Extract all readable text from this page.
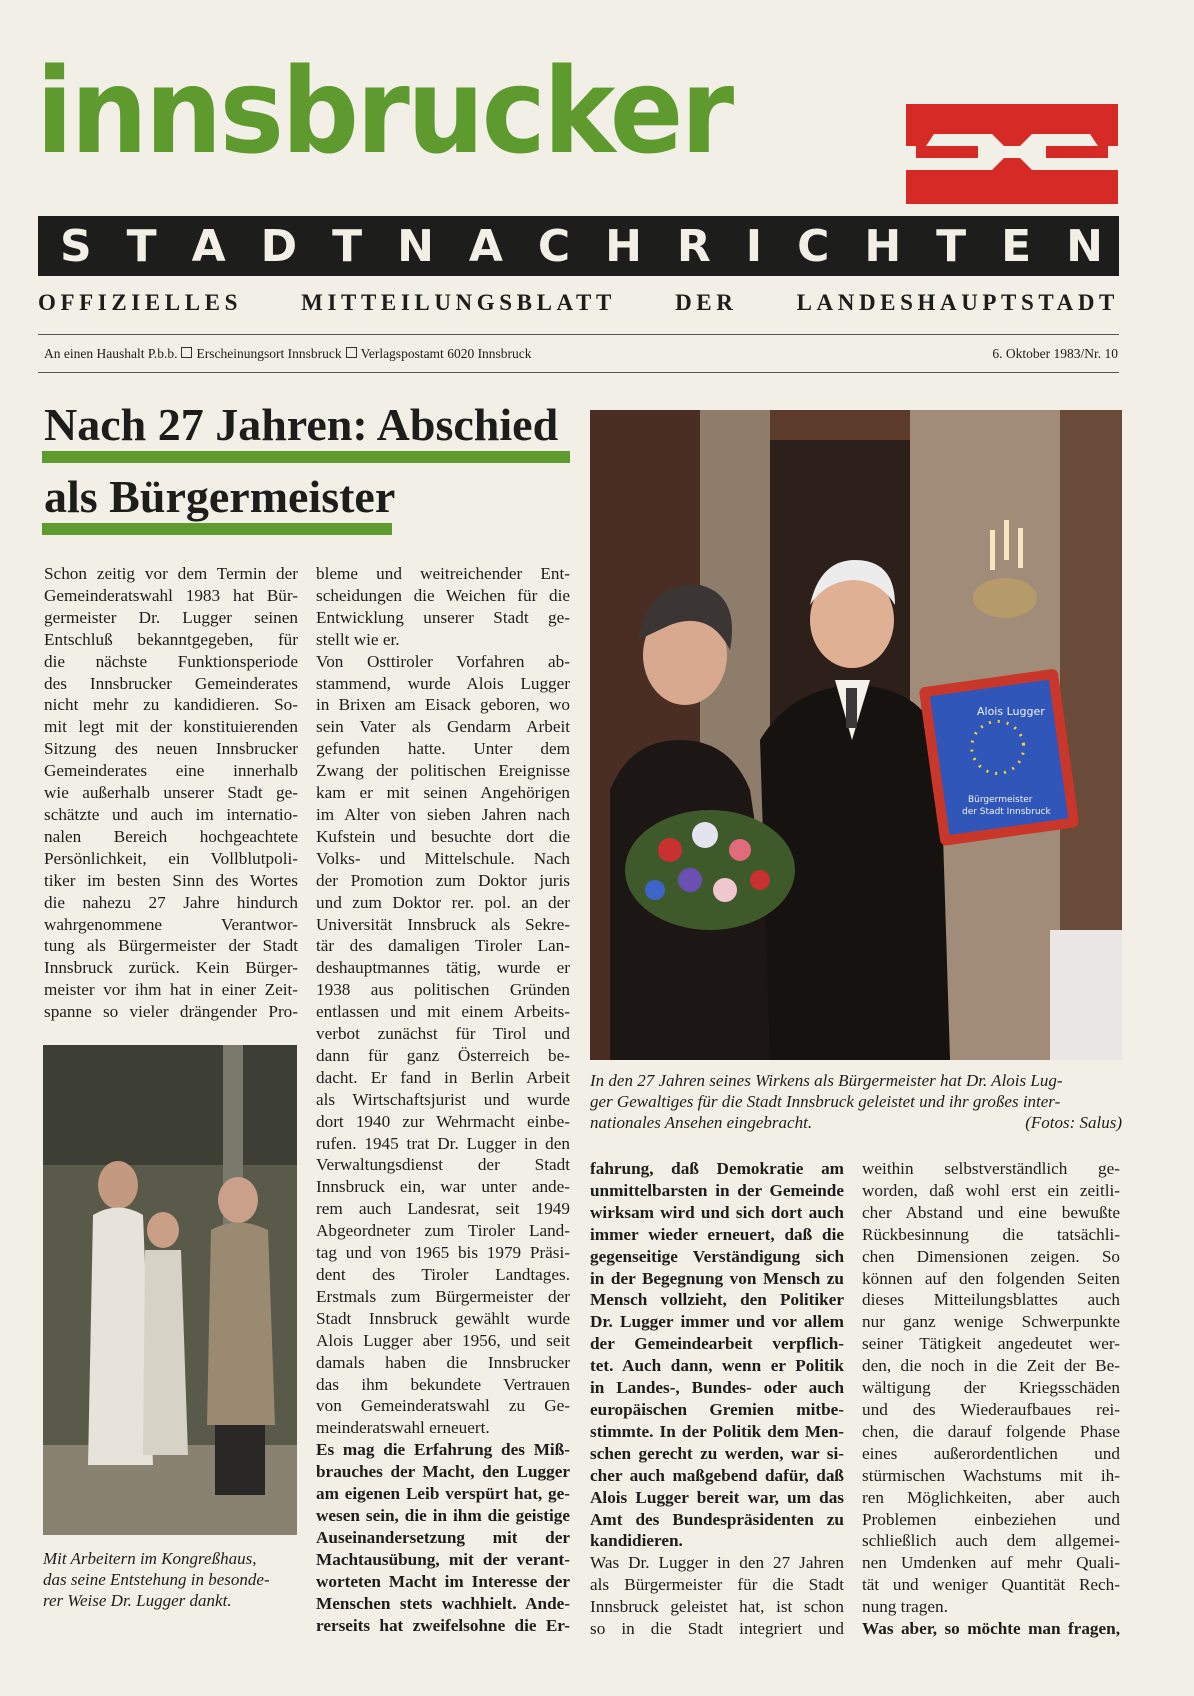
innsbrucker
S T A D T N A C H R I C H T E N
OFFIZIELLES	MITTEILUNGSBLATT	DER	LANDESHAUPTSTADT
An einen Haushalt P.b.b. Erscheinungsort Innsbruck Verlagspostamt 6020 Innsbruck	6. Oktober 1983/Nr. 10
Nach 27 Jahren: Abschied
als Bürgermeister
Alois Lugger
Bürgermeister
der Stadt Innsbruck
In den 27 Jahren seines Wirkens als Bürgermeister hat Dr. Alois Lug-
ger Gewaltiges für die Stadt Innsbruck geleistet und ihr großes inter-
nationales Ansehen eingebracht.	(Fotos: Salus)
Mit Arbeitern im Kongreßhaus,
das seine Entstehung in besonde-
rer Weise Dr. Lugger dankt.

Schon zeitig vor dem Termin der

Gemeinderatswahl 1983 hat Bür-

germeister Dr. Lugger seinen

Entschluß bekanntgegeben, für

die nächste Funktionsperiode

des Innsbrucker Gemeinderates

nicht mehr zu kandidieren. So-

mit legt mit der konstituierenden

Sitzung des neuen Innsbrucker

Gemeinderates eine innerhalb

wie außerhalb unserer Stadt ge-

schätzte und auch im internatio-

nalen Bereich hochgeachtete

Persönlichkeit, ein Vollblutpoli-

tiker im besten Sinn des Wortes

die nahezu 27 Jahre hindurch

wahrgenommene Verantwor-

tung als Bürgermeister der Stadt

Innsbruck zurück. Kein Bürger-

meister vor ihm hat in einer Zeit-

spanne so vieler drängender Pro-

bleme und weitreichender Ent-

scheidungen die Weichen für die

Entwicklung unserer Stadt ge-

stellt wie er.

Von Osttiroler Vorfahren ab-

stammend, wurde Alois Lugger

in Brixen am Eisack geboren, wo

sein Vater als Gendarm Arbeit

gefunden hatte. Unter dem

Zwang der politischen Ereignisse

kam er mit seinen Angehörigen

im Alter von sieben Jahren nach

Kufstein und besuchte dort die

Volks- und Mittelschule. Nach

der Promotion zum Doktor juris

und zum Doktor rer. pol. an der

Universität Innsbruck als Sekre-

tär des damaligen Tiroler Lan-

deshauptmannes tätig, wurde er

1938 aus politischen Gründen

entlassen und mit einem Arbeits-

verbot zunächst für Tirol und

dann für ganz Österreich be-

dacht. Er fand in Berlin Arbeit

als Wirtschaftsjurist und wurde

dort 1940 zur Wehrmacht einbe-

rufen. 1945 trat Dr. Lugger in den

Verwaltungsdienst der Stadt

Innsbruck ein, war unter ande-

rem auch Landesrat, seit 1949

Abgeordneter zum Tiroler Land-

tag und von 1965 bis 1979 Präsi-

dent des Tiroler Landtages.

Erstmals zum Bürgermeister der

Stadt Innsbruck gewählt wurde

Alois Lugger aber 1956, und seit

damals haben die Innsbrucker

das ihm bekundete Vertrauen

von Gemeinderatswahl zu Ge-

meinderatswahl erneuert.

Es mag die Erfahrung des Miß-

brauches der Macht, den Lugger

am eigenen Leib verspürt hat, ge-

wesen sein, die in ihm die geistige

Auseinandersetzung mit der

Machtausübung, mit der verant-

worteten Macht im Interesse der

Menschen stets wachhielt. Ande-

rerseits hat zweifelsohne die Er-

fahrung, daß Demokratie am

unmittelbarsten in der Gemeinde

wirksam wird und sich dort auch

immer wieder erneuert, daß die

gegenseitige Verständigung sich

in der Begegnung von Mensch zu

Mensch vollzieht, den Politiker

Dr. Lugger immer und vor allem

der Gemeindearbeit verpflich-

tet. Auch dann, wenn er Politik

in Landes-, Bundes- oder auch

europäischen Gremien mitbe-

stimmte. In der Politik dem Men-

schen gerecht zu werden, war si-

cher auch maßgebend dafür, daß

Alois Lugger bereit war, um das

Amt des Bundespräsidenten zu

kandidieren.

Was Dr. Lugger in den 27 Jahren

als Bürgermeister für die Stadt

Innsbruck geleistet hat, ist schon

so in die Stadt integriert und

weithin selbstverständlich ge-

worden, daß wohl erst ein zeitli-

cher Abstand und eine bewußte

Rückbesinnung die tatsächli-

chen Dimensionen zeigen. So

können auf den folgenden Seiten

dieses Mitteilungsblattes auch

nur ganz wenige Schwerpunkte

seiner Tätigkeit angedeutet wer-

den, die noch in die Zeit der Be-

wältigung der Kriegsschäden

und des Wiederaufbaues rei-

chen, die darauf folgende Phase

eines außerordentlichen und

stürmischen Wachstums mit ih-

ren Möglichkeiten, aber auch

Problemen einbeziehen und

schließlich auch dem allgemei-

nen Umdenken auf mehr Quali-

tät und weniger Quantität Rech-

nung tragen.

Was aber, so möchte man fragen,
